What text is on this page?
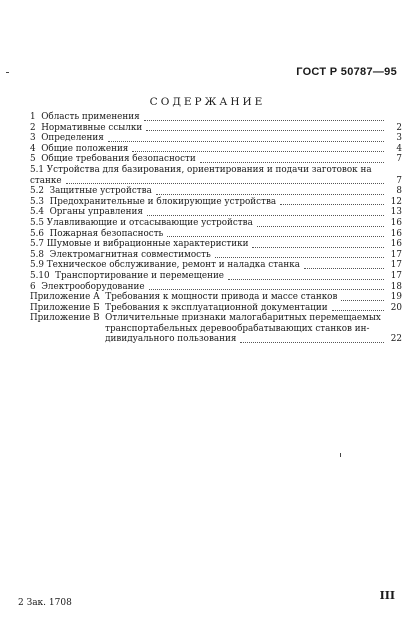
ГОСТ Р 50787—95
СОДЕРЖАНИЕ
1  Область применения
2  Нормативные ссылки	2
3  Определения	3
4  Общие положения	4
5  Общие требования безопасности	7
5.1 Устройства для базирования, ориентирования и подачи заготовок на
станке	7
5.2  Защитные устройства	8
5.3  Предохранительные и блокирующие устройства	12
5.4  Органы управления	13
5.5 Улавливающие и отсасывающие устройства	16
5.6  Пожарная безопасность	16
5.7 Шумовые и вибрационные характеристики	16
5.8  Электромагнитная совместимость	17
5.9 Техническое обслуживание, ремонт и наладка станка	17
5.10  Транспортирование и перемещение	17
6  Электрооборудование	18
Приложение А  Требования к мощности привода и массе станков	19
Приложение Б  Требования к эксплуатационной документации	20
Приложение В Отличительные признаки малогабаритных перемещаемых
транспортабельных деревообрабатывающих станков ин-
дивидуального пользования	22
2 Зак. 1708
III
